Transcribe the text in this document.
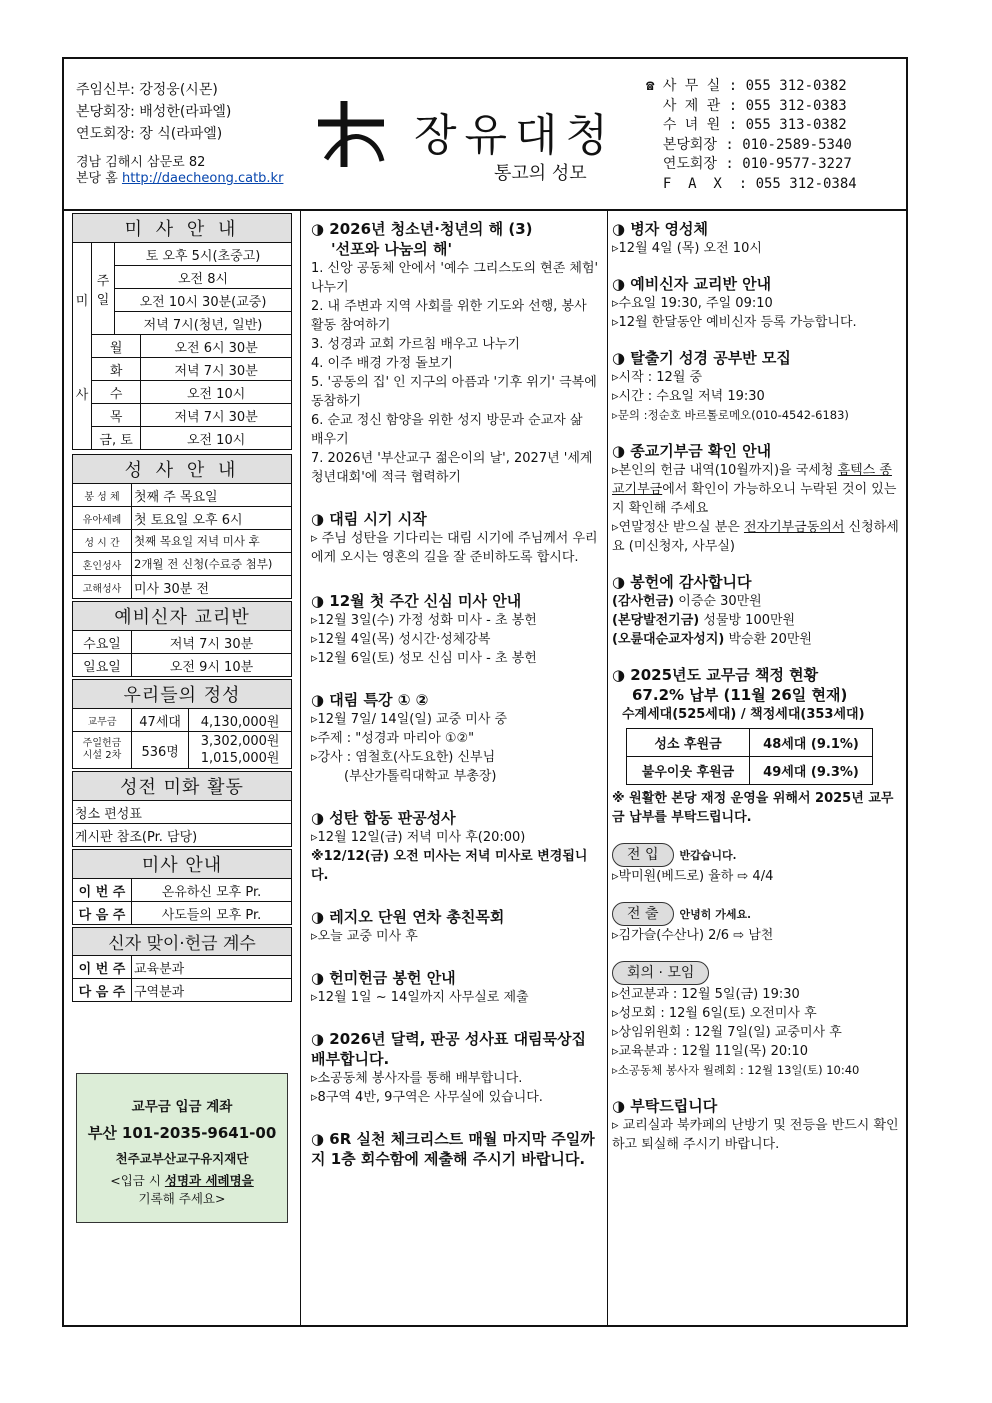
주임신부: 강정웅(시몬)
본당회장: 배성한(라파엘)
연도회장: 장 식(라파엘)
경남 김해시 삼문로 82
본당 홈 http://daecheong.catb.kr
장유대청
통고의 성모
☎ 사 무 실 : 055 312-0382
사 제 관 : 055 312-0383
수 녀 원 : 055 313-0382
본당회장 : 010-2589-5340
연도회장 : 010-9577-3227
F  A  X  : 055 312-0384
미 사 안 내			
미

사	주
일	토 오후 5시(초중고)	
		오전 8시	
		오전 10시 30분(교중)	
		저녁 7시(청년, 일반)	
	월		오전 6시 30분
	화		저녁 7시 30분
	수		오전 10시
	목		저녁 7시 30분
	금, 토		오전 10시
성 사 안 내	
봉 성 체	첫째 주 목요일
유아세례	첫 토요일 오후 6시
성 시 간	첫째 목요일 저녁 미사 후
혼인성사	2개월 전 신청(수료증 첨부)
고해성사	미사 30분 전
예비신자 교리반	
수요일	저녁 7시 30분
일요일	오전 9시 10분
우리들의 정성		
교무금	47세대	4,130,000원
주일헌금
시설 2차	536명	3,302,000원
1,015,000원
성전 미화 활동
청소 편성표
게시판 참조(Pr. 담당)
미사 안내	
이 번 주	온유하신 모후 Pr.
다 음 주	사도들의 모후 Pr.
신자 맞이·헌금 계수	
이 번 주	교육분과
다 음 주	구역분과
교무금 입금 계좌
부산 101-2035-9641-00
천주교부산교구유지재단
<입금 시 성명과 세례명을
기록해 주세요>
◑ 2026년 청소년·청년의 해 (3)
'선포와 나눔의 해'

1. 신앙 공동체 안에서 '예수 그리스도의 현존 체험' 나누기

2. 내 주변과 지역 사회를 위한 기도와 선행, 봉사활동 참여하기

3. 성경과 교회 가르침 배우고 나누기

4. 이주 배경 가정 돌보기

5. '공동의 집' 인 지구의 아픔과 '기후 위기' 극복에 동참하기

6. 순교 정신 함양을 위한 성지 방문과 순교자 삶 배우기

7. 2026년 '부산교구 젊은이의 날', 2027년 '세계 청년대회'에 적극 협력하기

◑ 대림 시기 시작

▹ 주님 성탄을 기다리는 대림 시기에 주님께서 우리에게 오시는 영혼의 길을 잘 준비하도록 합시다.

◑ 12월 첫 주간 신심 미사 안내

▹12월 3일(수) 가정 성화 미사 - 초 봉헌

▹12월 4일(목) 성시간·성체강복

▹12월 6일(토) 성모 신심 미사 - 초 봉헌

◑ 대림 특강 ① ②

▹12월 7일/ 14일(일) 교중 미사 중

▹주제 : "성경과 마리아 ①②"

▹강사 : 염철호(사도요한) 신부님

(부산가톨릭대학교 부총장)

◑ 성탄 합동 판공성사

▹12월 12일(금) 저녁 미사 후(20:00)

※12/12(금) 오전 미사는 저녁 미사로 변경됩니다.

◑ 레지오 단원 연차 총친목회

▹오늘 교중 미사 후

◑ 헌미헌금 봉헌 안내

▹12월 1일 ~ 14일까지 사무실로 제출

◑ 2026년 달력, 판공 성사표 대림묵상집 배부합니다.

▹소공동체 봉사자를 통해 배부합니다.

▹8구역 4반, 9구역은 사무실에 있습니다.

◑ 6R 실천 체크리스트 매월 마지막 주일까지 1층 회수함에 제출해 주시기 바랍니다.
◑ 병자 영성체

▹12월 4일 (목) 오전 10시

◑ 예비신자 교리반 안내

▹수요일 19:30, 주일 09:10

▹12월 한달동안 예비신자 등록 가능합니다.

◑ 탈출기 성경 공부반 모집

▹시작 : 12월 중

▹시간 : 수요일 저녁 19:30

▹문의 :정순호 바르톨로메오(010-4542-6183)

◑ 종교기부금 확인 안내

▹본인의 헌금 내역(10월까지)을 국세청 홈텍스 종교기부금에서 확인이 가능하오니 누락된 것이 있는지 확인해 주세요

▹연말정산 받으실 분은 전자기부금동의서 신청하세요 (미신청자, 사무실)

◑ 봉헌에 감사합니다

(감사헌금) 이증순 30만원

(본당발전기금) 성물방 100만원

(오륜대순교자성지) 박승환 20만원

◑ 2025년도 교무금 책정 현황
67.2% 납부 (11월 26일 현재)

수계세대(525세대) / 책정세대(353세대)

성소 후원금	48세대 (9.1%)
불우이웃 후원금	49세대 (9.3%)

※ 원활한 본당 재정 운영을 위해서 2025년 교무금 납부를 부탁드립니다.

전 입 반갑습니다.

▹박미원(베드로) 율하 ⇨ 4/4

전 출 안녕히 가세요.

▹김가슬(수산나) 2/6 ⇨ 남천

회의 · 모임

▹선교분과 : 12월 5일(금) 19:30

▹성모회 : 12월 6일(토) 오전미사 후

▹상임위원회 : 12월 7일(일) 교중미사 후

▹교육분과 : 12월 11일(목) 20:10

▹소공동체 봉사자 월례회 : 12월 13일(토) 10:40

◑ 부탁드립니다

▹ 교리실과 북카페의 난방기 및 전등을 반드시 확인하고 퇴실해 주시기 바랍니다.
